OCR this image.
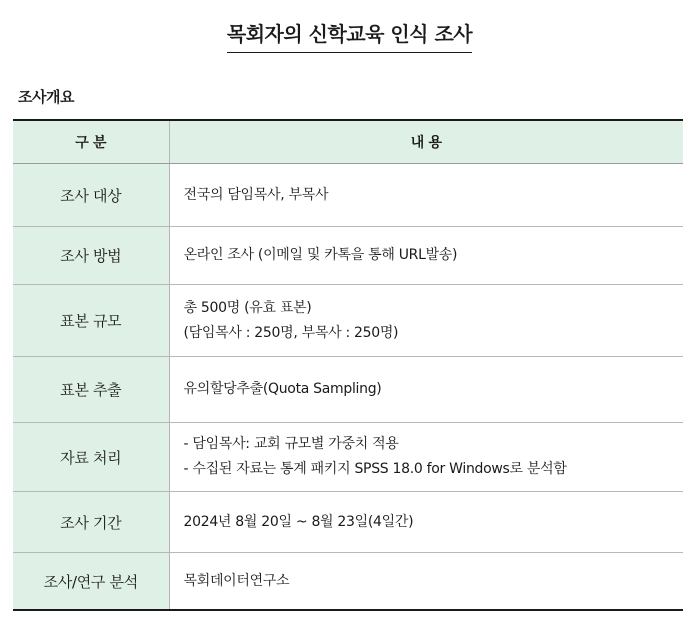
목회자의 신학교육 인식 조사
조사개요
구 분	내 용
조사 대상	전국의 담임목사, 부목사

조사 방법	온라인 조사 (이메일 및 카톡을 통해 URL발송)

표본 규모	총 500명 (유효 표본)
(담임목사 : 250명, 부목사 : 250명)

표본 추출	유의할당추출(Quota Sampling)

자료 처리	- 담임목사: 교회 규모별 가중치 적용
- 수집된 자료는 통계 패키지 SPSS 18.0 for Windows로 분석함

조사 기간	2024년 8월 20일 ~ 8월 23일(4일간)

조사/연구 분석	목회데이터연구소
